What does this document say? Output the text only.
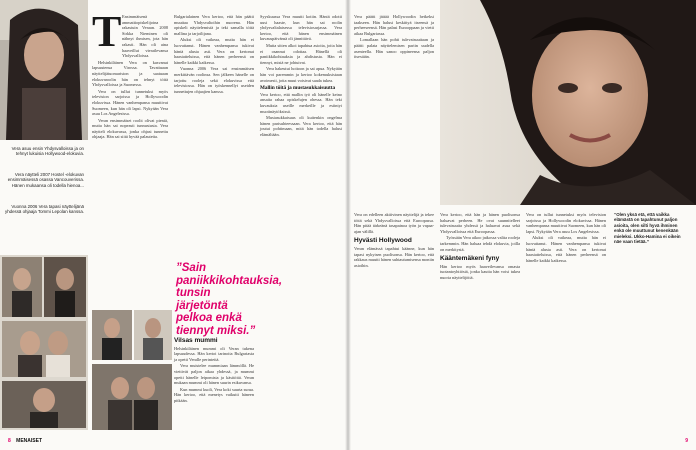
Vera asuu ensin Yhdysvalloissa ja on tehnyt lukuisia Hollywood-elokuvia.
Vera näytteli 2007 Hostel -elokuvan ensimmäisessä osassa Vancouverissa. Hänen mukaansa oli todella hienoa...
Vuonna 2006 Vera tapasi näyttelijänä yhdessä ohjaaja Tommi Lepolan kanssa.
T Ensimmäisenä ammattiopiskelijoina rakastuin Veraan. 2008 Sirkka Nieminen oli nähnyt ihmisen, jota hän rakasti. Hän oli aina haaveillut vierailevansa Yhdysvalloissa.

Helsinkiläinen Vera on kasvanut lapsuutensa Virossa. Tavattuaan näyttelijätuomariston ja saatuaan elokuvaroolin hän on tehnyt töitä Yhdysvalloissa ja Suomessa.

Vera on tullut tunnetuksi myös television sarjoissa ja Hollywoodin elokuvissa. Hänen vanhempansa muuttivat Suomeen, kun hän oli lapsi. Nykyään Vera asuu Los Angelesissa.

Veran ensimmäiset roolit olivat pieniä, mutta hän sai nopeasti tunnustusta. Vera näytteli elokuvassa, jonka ohjasi tunnettu ohjaaja. Hän sai siitä hyvää palautetta.

Bulgarialainen Vera kertoo, että hän päätti muuttaa Yhdysvaltoihin nuorena. Hän opiskeli näyttelemistä ja teki samalla töitä mallina ja tarjoilijana.

Aluksi oli vaikeaa, mutta hän ei luovuttanut. Hänen vanhempansa tukivat häntä alusta asti. Vera on kertonut haastatteluissa, että hänen perheensä on hänelle kaikki kaikessa.

Vuonna 2006 Vera sai ensimmäisen merkittävän roolinsa. Sen jälkeen hänelle on tarjottu rooleja sekä elokuvissa että televisiossa. Hän on työskennellyt useiden tunnettujen ohjaajien kanssa.

”Sain paniikkikohtauksia, tunsin järjetöntä pelkoa enkä tiennyt miksi.”
Vilsas mummi

Helsinkiläinen mummi oli Veran tukena lapsuudessa. Hän kertoi tarinoita Bulgariasta ja opetti Veralle perinteitä.

Vera muistelee mummiaan lämmöllä. He viettivät paljon aikaa yhdessä, ja mummi opetti hänelle leipomista ja käsitöitä. Veran mukaan mummi oli hänen suurin esikuvansa.

Kun mummi kuoli, Vera koki suurta surua. Hän kertoo, että menetys vaikutti häneen pitkään.

Syyskuussa Vera muutti kotiin. Häntä odotti uusi haaste, kun hän sai roolin yhdysvaltalaisessa televisiosarjassa. Vera kertoo, että hänen ensimmäinen kuvauspäivänsä oli jännittävä.

Mutta sitten alkoi tapahtua asioita, joita hän ei osannut odottaa. Hänellä oli paniikkikohtauksia ja ahdistusta. Hän ei tiennyt, mistä ne johtuivat.

Vera hakeutui hoitoon ja sai apua. Nykyään hän voi paremmin ja kertoo kokemuksistaan avoimesti, jotta muut voisivat saada tukea.

Mallin töitä ja mustasukkaisuutta

Vera kertoo, että mallin työ oli hänelle keino ansaita rahaa opiskelujen ohessa. Hän teki kuvauksia useille merkeille ja esiintyi muotinäytöksissä.

Mustasukkaisuus oli kuitenkin ongelma hänen parisuhteessaan. Vera kertoo, että hän joutui pohtimaan, mitä hän todella halusi elämältään.

8 MENAISET

Vera päätti jättää Hollywoodin hetkeksi taakseen. Hän halusi keskittyä itseensä ja perheeseensä. Hän palasi Eurooppaan ja vietti aikaa Bulgariassa.

Lomallaan hän pohti tulevaisuuttaan ja päätti palata näyttelemisen pariin uudella asenteella. Hän sanoo oppineensa paljon itsestään.

Vera on edelleen aktiivinen näyttelijä ja tekee töitä sekä Yhdysvalloissa että Euroopassa. Hän pitää tärkeänä tasapainoa työn ja vapaa-ajan välillä.

Hyvästi Hollywood

Veran elämässä tapahtui käänne, kun hän tapasi nykyisen puolisonsa. Hän kertoo, että rakkaus muutti hänen suhtautumisensa moniin asioihin.

Vera kertoo, että hän ja hänen puolisonsa haluavat perheen. He ovat suunnitelleet tulevaisuutta yhdessä ja haluavat asua sekä Yhdysvalloissa että Euroopassa.

Työssään Vera aikoo jatkossa valita rooleja tarkemmin. Hän haluaa tehdä elokuvia, joilla on merkitystä.

Kääntemäkeni fyny

Hän kertoo myös haaveilevansa omasta tuotantoyhtiöstä, jonka kautta hän voisi tukea nuoria näyttelijöitä.

Vera on tullut tunnetuksi myös television sarjoissa ja Hollywoodin elokuvissa. Hänen vanhempansa muuttivat Suomeen, kun hän oli lapsi. Nykyään Vera asuu Los Angelesissa.

Aluksi oli vaikeaa, mutta hän ei luovuttanut. Hänen vanhempansa tukivat häntä alusta asti. Vera on kertonut haastatteluissa, että hänen perheensä on hänelle kaikki kaikessa.

“Olen yksä etä, että vaikka elämästä on tapahtunut paljon asioita, olen silti hyvä ihminen enkä ole muuttunut kenenkään mieleksi. Ukko-Hamina ei oikein näe vaan tietää.”
9
